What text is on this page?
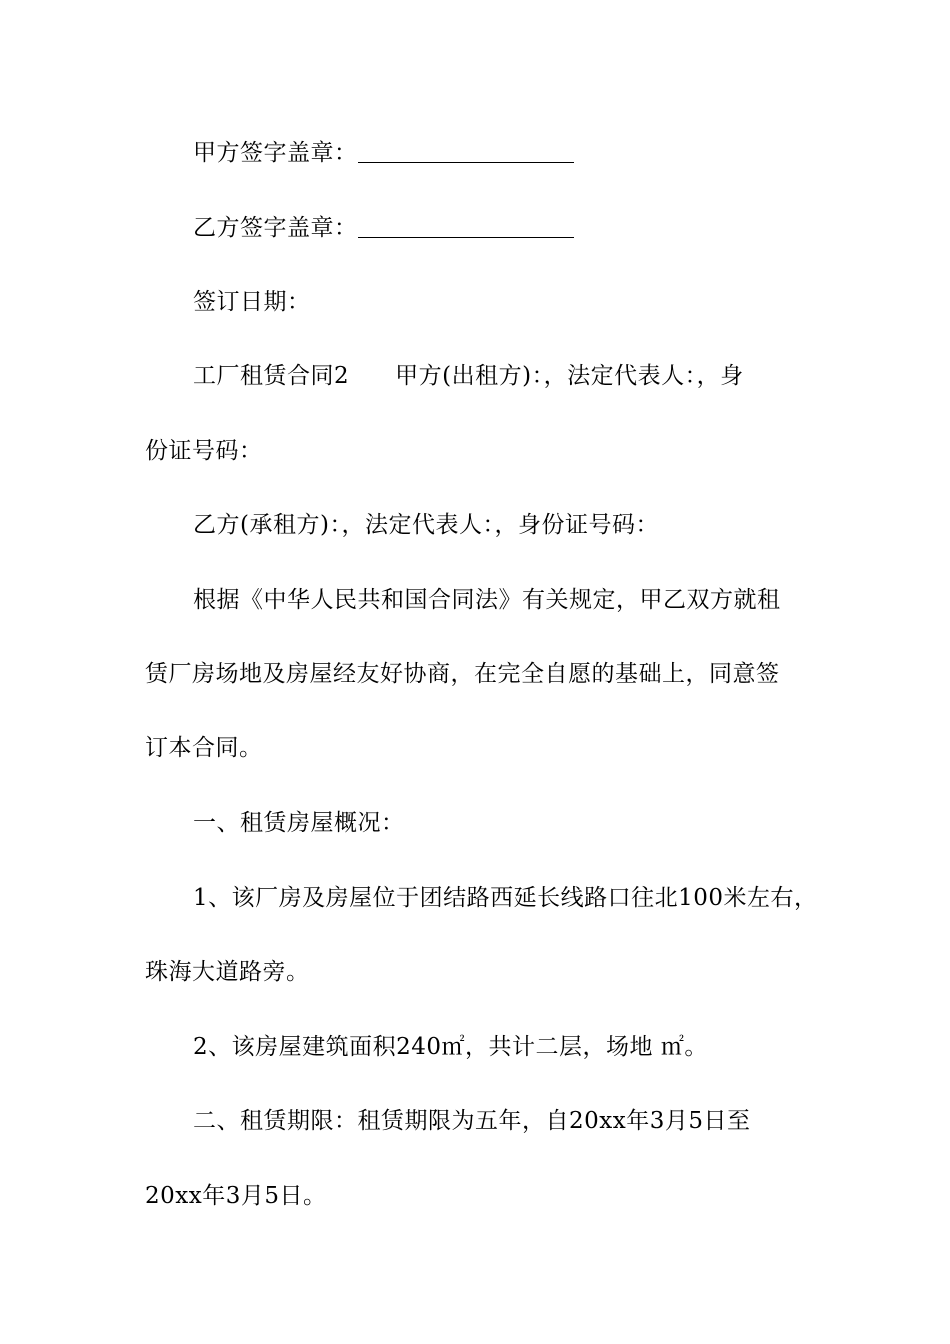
甲方签字盖章：
乙方签字盖章：
签订日期：
工厂租赁合同2 甲方(出租方)：，法定代表人：，身
份证号码：
乙方(承租方)：，法定代表人：，身份证号码：
根据《中华人民共和国合同法》有关规定，甲乙双方就租
赁厂房场地及房屋经友好协商，在完全自愿的基础上，同意签
订本合同。
一、租赁房屋概况：
1、该厂房及房屋位于团结路西延长线路口往北100米左右，
珠海大道路旁。
2、该房屋建筑面积240㎡，共计二层，场地 ㎡。
二、租赁期限：租赁期限为五年，自20xx年3月5日至
20xx年3月5日。
